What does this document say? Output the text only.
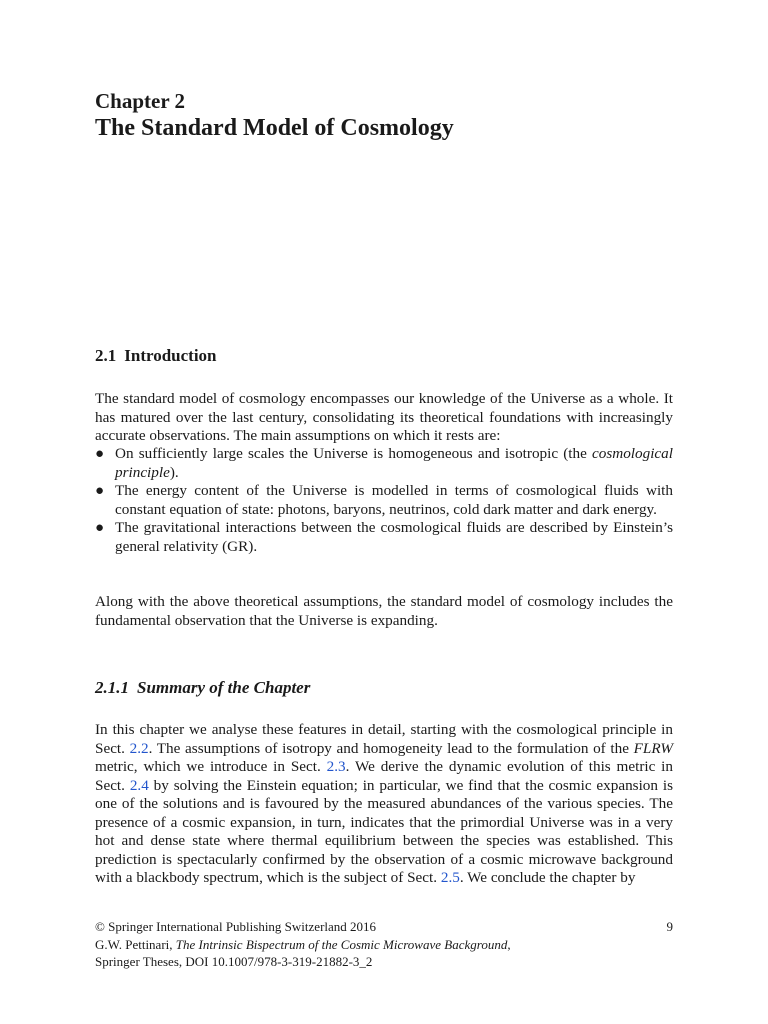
Chapter 2
The Standard Model of Cosmology
2.1 Introduction

The standard model of cosmology encompasses our knowledge of the Universe as a whole. It has matured over the last century, consolidating its theoretical foundations with increasingly accurate observations. The main assumptions on which it rests are:

● On sufficiently large scales the Universe is homogeneous and isotropic (the cosmological principle).
● The energy content of the Universe is modelled in terms of cosmological fluids with constant equation of state: photons, baryons, neutrinos, cold dark matter and dark energy.
● The gravitational interactions between the cosmological fluids are described by Einstein’s general relativity (GR).

Along with the above theoretical assumptions, the standard model of cosmology includes the fundamental observation that the Universe is expanding.

2.1.1 Summary of the Chapter

In this chapter we analyse these features in detail, starting with the cosmological principle in Sect. 2.2. The assumptions of isotropy and homogeneity lead to the formulation of the FLRW metric, which we introduce in Sect. 2.3. We derive the dynamic evolution of this metric in Sect. 2.4 by solving the Einstein equation; in particular, we find that the cosmic expansion is one of the solutions and is favoured by the measured abundances of the various species. The presence of a cosmic expansion, in turn, indicates that the primordial Universe was in a very hot and dense state where thermal equilibrium between the species was established. This prediction is spectacularly confirmed by the observation of a cosmic microwave background with a blackbody spectrum, which is the subject of Sect. 2.5. We conclude the chapter by

9
© Springer International Publishing Switzerland 2016
G.W. Pettinari, The Intrinsic Bispectrum of the Cosmic Microwave Background,
Springer Theses, DOI 10.1007/978-3-319-21882-3_2
